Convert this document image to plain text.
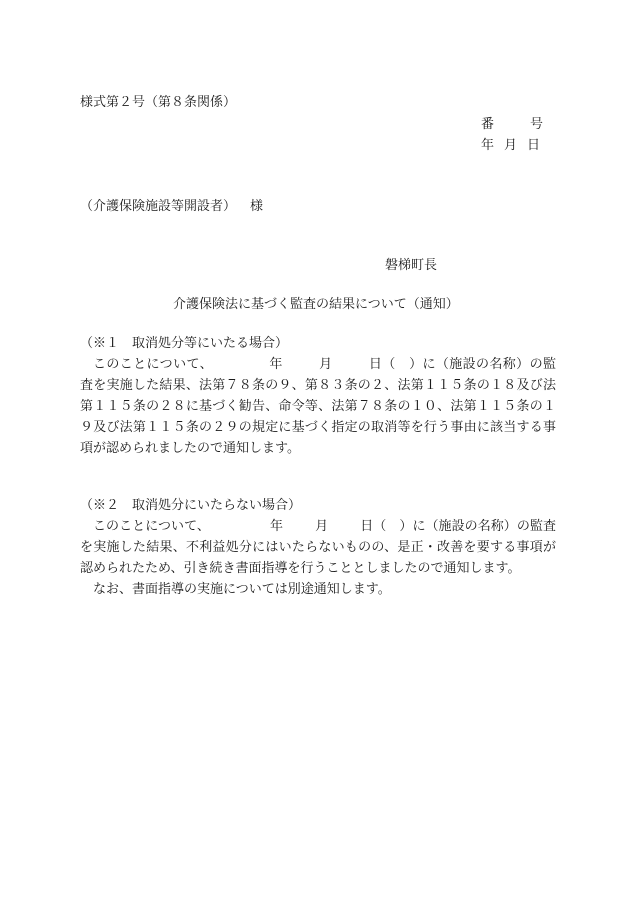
様式第２号（第８条関係）
番	号
年 月 日
（介護保険施設等開設者） 様
磐梯町長
介護保険法に基づく監査の結果について（通知）
（※１　取消処分等にいたる場合）

このことについて、	年	月	日（　）に（施設の名称）の監査を実施した結果、法第７８条の９、第８３条の２、法第１１５条の１８及び法第１１５条の２８に基づく勧告、命令等、法第７８条の１０、法第１１５条の１９及び法第１１５条の２９の規定に基づく指定の取消等を行う事由に該当する事項が認められましたので通知します。

（※２　取消処分にいたらない場合）

このことについて、	年 月 日（　）に（施設の名称）の監査を実施した結果、不利益処分にはいたらないものの、是正・改善を要する事項が認められたため、引き続き書面指導を行うこととしましたので通知します。

なお、書面指導の実施については別途通知します。
